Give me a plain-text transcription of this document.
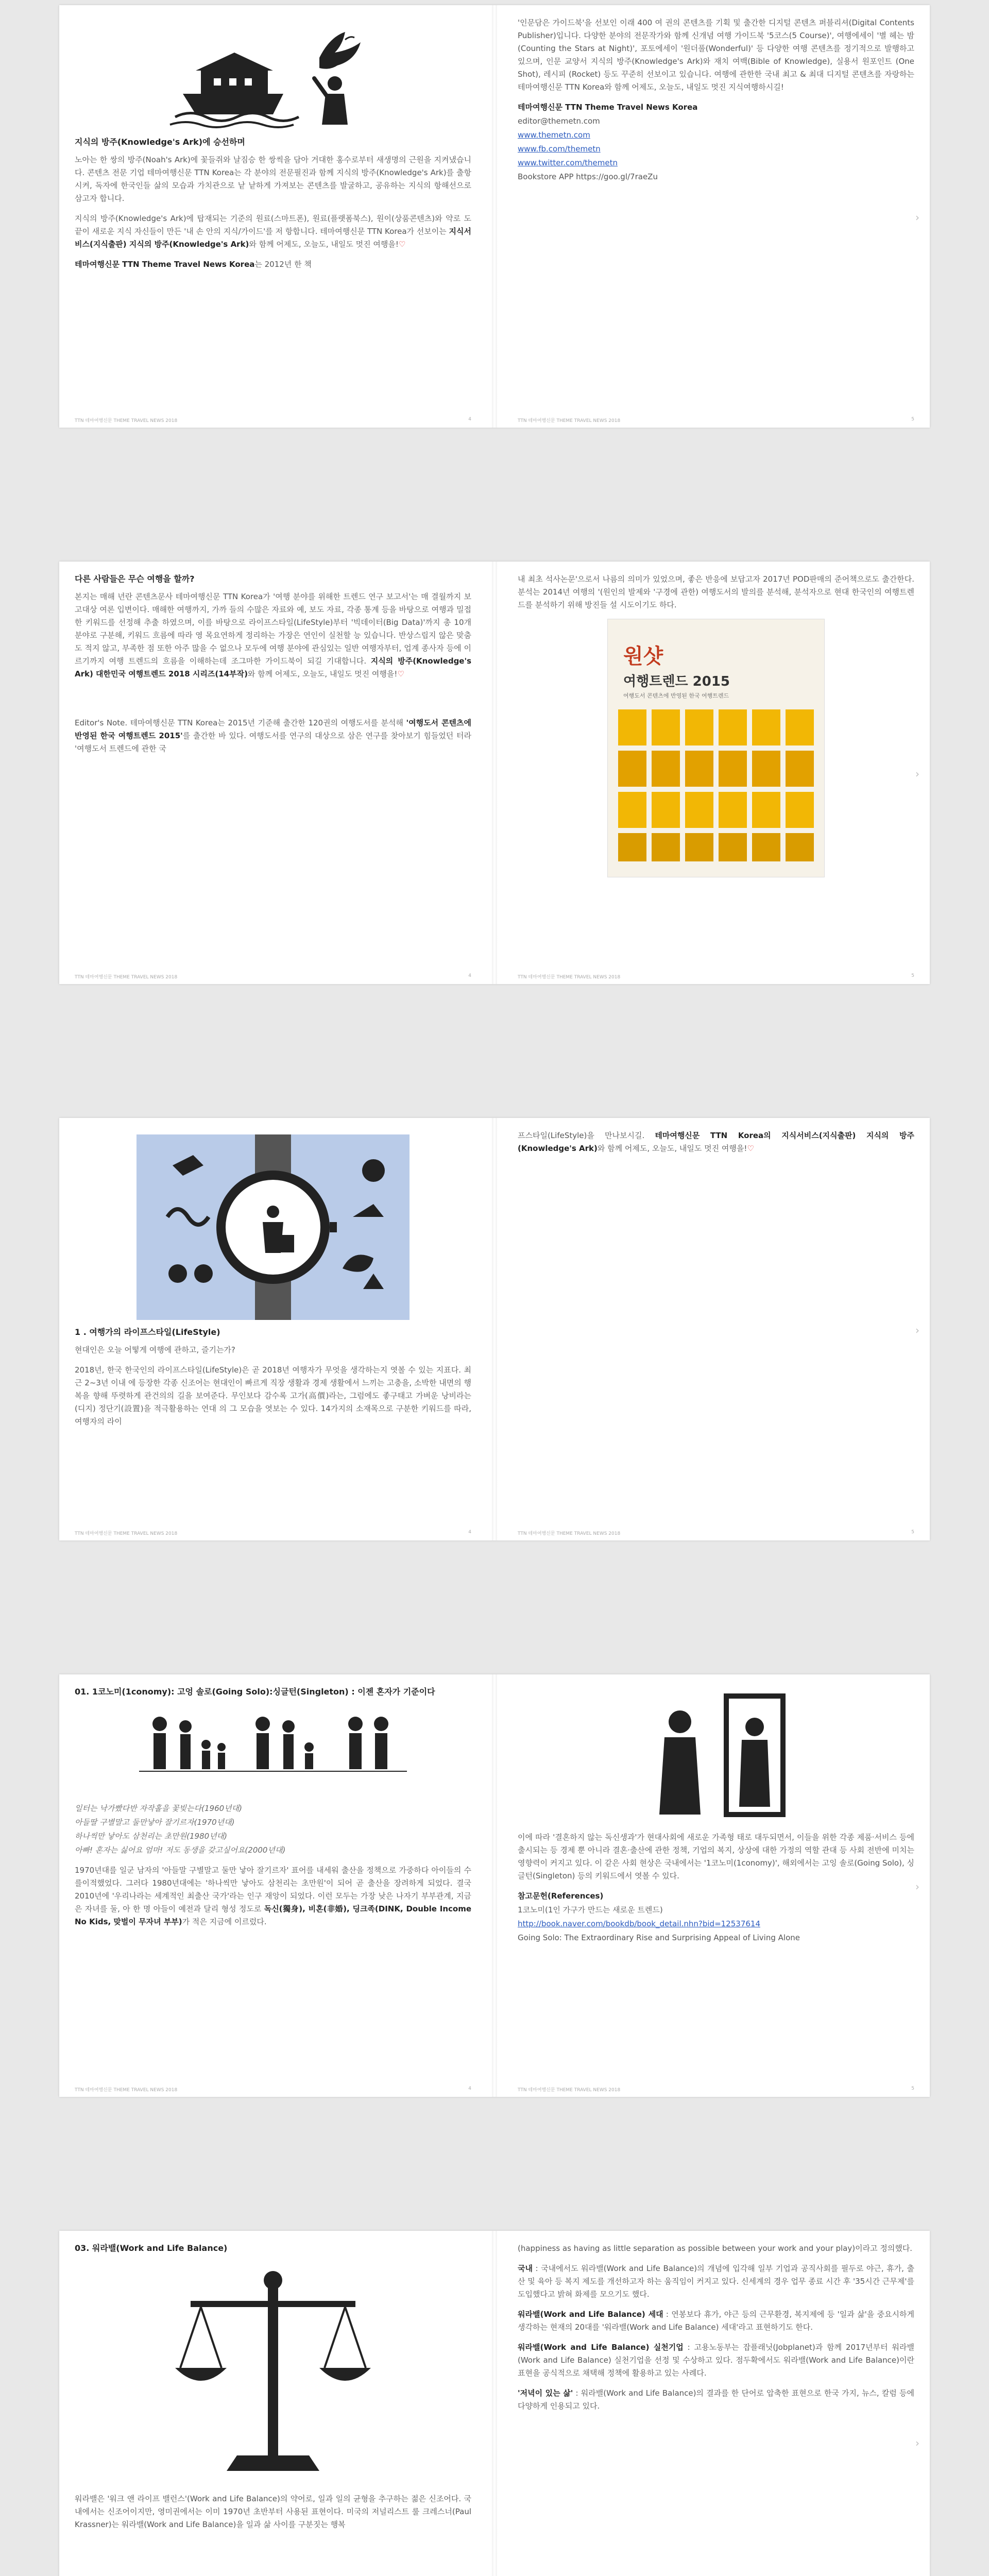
지식의 방주(Knowledge's Ark)에 승선하며

노아는 한 쌍의 방주(Noah's Ark)에 꽃들쥐와 날짐승 한 쌍씩을 담아 거대한 홍수로부터 새생명의 근원을 지켜냈습니다. 콘텐츠 전문 기업 테마여행신문 TTN Korea는 각 분야의 전문필진과 함께 지식의 방주(Knowledge's Ark)를 출항시켜, 독자에 한국인들 삶의 모습과 가치관으로 낱 낱하게 가져보는 콘텐츠를 발굴하고, 공유하는 지식의 항해선으로 삼고자 합니다.

지식의 방주(Knowledge's Ark)에 탑재되는 기준의 원료(스마트폰), 원료(플랫폼북스), 원이(상품콘텐츠)와 약로 도 끝이 새로운 지식 자신들이 만든 '내 손 안의 지식/가이드'를 저 항합니다. 테마여행신문 TTN Korea가 선보이는 지식서비스(지식출판) 지식의 방주(Knowledge's Ark)와 함께 어제도, 오늘도, 내일도 멋진 여행을!♡

테마여행신문 TTN Theme Travel News Korea는 2012년 한 책

TTN 테마여행신문 THEME TRAVEL NEWS 2018	4

'인문담은 가이드북'을 선보인 이래 400 여 권의 콘텐츠를 기획 및 출간한 디지털 콘텐츠 퍼블리셔(Digital Contents Publisher)입니다. 다양한 분야의 전문작가와 함께 신개념 여행 가이드북 '5코스(5 Course)', 여행에세이 '별 헤는 밤(Counting the Stars at Night)', 포토에세이 '원더풀(Wonderful)' 등 다양한 여행 콘텐츠를 정기적으로 발행하고 있으며, 인문 교양서 지식의 방주(Knowledge's Ark)와 재치 여백(Bible of Knowledge), 실용서 원포인트 (One Shot), 레시피 (Rocket) 등도 꾸준히 선보이고 있습니다. 여행에 관한한 국내 최고 & 최대 디지털 콘텐츠를 자랑하는 테마여행신문 TTN Korea와 함께 어제도, 오늘도, 내일도 멋진 지식여행하시길!

테마여행신문 TTN Theme Travel News Korea

editor@themetn.com

www.themetn.com

www.fb.com/themetn

www.twitter.com/themetn

Bookstore APP https://goo.gl/7raeZu

TTN 테마여행신문 THEME TRAVEL NEWS 2018	5
›
다른 사람들은 무슨 여행을 할까?

본지는 매해 년란 콘텐츠문사 테마여행신문 TTN Korea가 '여행 분야를 위해한 트렌드 연구 보고서'는 매 결월까지 보고대상 여론 입변이다. 매해한 여행까지, 가까 들의 수많은 자료와 예, 보도 자료, 각종 통계 등을 바탕으로 여행과 밀접한 키워드를 선정해 추출 하였으며, 이를 바탕으로 라이프스타일(LifeStyle)부터 '빅데이터(Big Data)'까지 총 10개 분야로 구분해, 키워드 흐름에 따라 영 목요연하게 정리하는 가장은 연인이 실천할 능 있습니다. 반상스립지 않은 맞춤도 적지 않고, 부족한 점 또한 아주 많을 수 없으나 모두에 여행 분야에 관심있는 일반 여행자부터, 업계 종사자 등에 이르기까지 여행 트렌드의 흐름을 이해하는데 조그마한 가이드북이 되길 기대합니다. 지식의 방주(Knowledge's Ark) 대한민국 여행트렌드 2018 시리즈(14부작)와 함께 어제도, 오늘도, 내일도 멋진 여행을!♡

Editor's Note. 테마여행신문 TTN Korea는 2015년 기준해 출간한 120권의 여행도서를 분석해 '여행도서 콘텐츠에 반영된 한국 여행트렌드 2015'를 출간한 바 있다. 여행도서를 연구의 대상으로 삼은 연구를 찾아보기 힘들었던 터라 '여행도서 트렌드에 관한 국

TTN 테마여행신문 THEME TRAVEL NEWS 2018	4

내 최초 석사논문'으로서 나름의 의미가 있었으며, 좋은 반응에 보답고자 2017년 POD판매의 준어책으로도 출간한다. 분석는 2014년 여행의 '(원인의 발제와 '구경에 관한) 여행도서의 발의를 분석해, 분석자으로 현대 한국인의 여행트렌드를 분석하기 위해 방진들 설 시도이기도 하다.

원샷
여행트렌드 2015
여행도서 콘텐츠에 반영된 한국 여행트렌드
TTN 테마여행신문 THEME TRAVEL NEWS 2018	5
›
1 . 여행가의 라이프스타일(LifeStyle)

현대인은 오늘 어떻게 여행에 관하고, 즐기는가?

2018년, 한국 한국인의 라이프스타일(LifeStyle)은 곧 2018년 여행자가 무엇을 생각하는지 엿볼 수 있는 지표다. 최근 2~3년 이내 에 등장한 각종 신조어는 현대인이 빠르게 직장 생활과 경제 생활에서 느끼는 고충을, 소박한 내면의 행복을 향해 뚜렷하게 관건의의 길을 보여준다. 무인보다 감수록 고가(高價)라는, 그럼에도 좋구태고 가벼운 낭비라는 (디지) 정단기(設置)을 적극활용하는 연대 의 그 모습을 엿보는 수 있다. 14가지의 소재목으로 구분한 키워드를 따라, 여행자의 라이

TTN 테마여행신문 THEME TRAVEL NEWS 2018	4

프스타일(LifeStyle)을 만나보시길. 테마여행신문 TTN Korea의 지식서비스(지식출판) 지식의 방주(Knowledge's Ark)와 함께 어제도, 오늘도, 내일도 멋진 여행을!♡

TTN 테마여행신문 THEME TRAVEL NEWS 2018	5
›
01. 1코노미(1conomy): 고엉 솔로(Going Solo):싱글턴(Singleton) : 이젠 혼자가 기준이다

일터는 낙가빴다반 자작홀을 꽃빚는다(1960년대)

아들딸 구별말고 둘만낳아 잘기르자(1970년대)

하나씩만 낳아도 삼천리는 초만원(1980년대)

아빠! 혼자는 싫어요 엄마! 저도 동생을 갖고싶어요(2000년대)

1970년대를 일군 남자의 '아들말 구별말고 둘만 낳아 잘기르자' 표어를 내세워 출산을 정책으로 가중하다 아이들의 수를이적했었다. 그러다 1980년대에는 '하나씩만 낳아도 삼천리는 초만원'이 되어 곧 출산을 장려하게 되었다. 결국 2010년에 '우리나라는 세계적인 최출산 국가'라는 인구 재앙이 되었다. 이런 모두는 가장 낮은 나자기 부부관계, 지금은 자녀를 둘, 아 한 명 아들이 예전과 달리 형성 정도로 독신(獨身), 비혼(非婚), 딩크족(DINK, Double Income No Kids, 맞벌이 무자녀 부부)가 적은 지금에 이르렀다.

TTN 테마여행신문 THEME TRAVEL NEWS 2018	4

이에 따라 '결혼하지 않는 독신생과'가 현대사회에 새로운 가족형 태로 대두되면서, 이들을 위한 각종 제품·서비스 등에 출시되는 등 경제 뿐 아니라 결혼·출산에 관한 정책, 기업의 복지, 상상에 대한 가정의 역할 관대 등 사회 전반에 미치는 영향력이 커지고 있다. 이 같은 사회 현상은 국내에서는 '1코노미(1conomy)', 해외에서는 고잉 솔로(Going Solo), 싱글턴(Singleton) 등의 키워드에서 엿볼 수 있다.

참고문헌(References)

1코노미(1인 가구가 만드는 새로운 트렌드)

http://book.naver.com/bookdb/book_detail.nhn?bid=12537614

Going Solo: The Extraordinary Rise and Surprising Appeal of Living Alone

TTN 테마여행신문 THEME TRAVEL NEWS 2018	5
›
03. 워라밸(Work and Life Balance)

워라밸은 '워크 앤 라이프 밸런스'(Work and Life Balance)의 약어로, 일과 일의 균형을 추구하는 젊은 신조어다. 국내에서는 신조어이지만, 영미권에서는 이미 1970년 초반부터 사용된 표현이다. 미국의 저널리스트 룰 크레스너(Paul Krassner)는 워라밸(Work and Life Balance)을 일과 삶 사이를 구분짓는 행복

(happiness as having as little separation as possible between your work and your play)이라고 정의했다.

국내 : 국내에서도 워라밸(Work and Life Balance)의 개념에 입각해 일부 기업과 공직사회를 필두로 야근, 휴가, 출산 및 육아 등 복지 제도를 개선하고자 하는 움직임이 커지고 있다. 신세계의 경우 업무 종료 시간 후 '35시간 근무제'를 도입했다고 밝혀 화제를 모으기도 했다.

워라밸(Work and Life Balance) 세대 : 연봉보다 휴가, 야근 등의 근무환경, 복지제에 등 '일과 삶'을 중요시하게 생각하는 현재의 20대를 '워라밸(Work and Life Balance) 세대'라고 표현하기도 한다.

워라밸(Work and Life Balance) 실천기업 : 고용노동부는 잡플래닛(Jobplanet)과 함께 2017년부터 워라밸(Work and Life Balance) 실천기업을 선정 및 수상하고 있다. 점두확에서도 워라밸(Work and Life Balance)이란 표현을 공식적으로 채택해 정책에 활용하고 있는 사례다.

'저녁이 있는 삶' : 워라밸(Work and Life Balance)의 결과를 한 단어로 압축한 표현으로 한국 가지, 뉴스, 칼럼 등에 다양하게 인용되고 있다.

›
